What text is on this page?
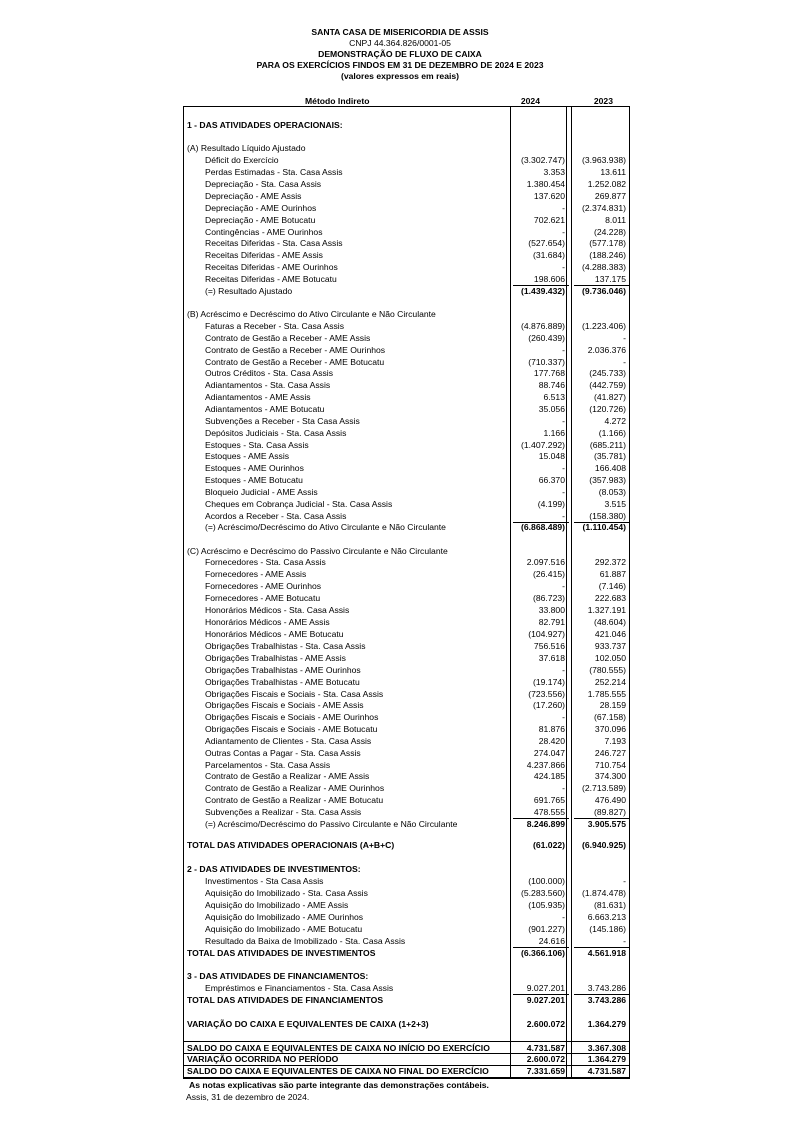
SANTA CASA DE MISERICORDIA DE ASSIS
CNPJ 44.364.826/0001-05
DEMONSTRAÇÃO DE FLUXO DE CAIXA
PARA OS EXERCÍCIOS FINDOS EM 31 DE DEZEMBRO DE 2024 E 2023
(valores expressos em reais)
Método Indireto	2024	2023
1 - DAS ATIVIDADES OPERACIONAIS:
(A) Resultado Líquido Ajustado
Déficit do Exercício	(3.302.747)	(3.963.938)
Perdas Estimadas - Sta. Casa Assis	3.353	13.611
Depreciação - Sta. Casa Assis	1.380.454	1.252.082
Depreciação - AME Assis	137.620	269.877
Depreciação - AME Ourinhos	-	(2.374.831)
Depreciação - AME Botucatu	702.621	8.011
Contingências - AME Ourinhos	-	(24.228)
Receitas Diferidas - Sta. Casa Assis	(527.654)	(577.178)
Receitas Diferidas - AME Assis	(31.684)	(188.246)
Receitas Diferidas - AME Ourinhos	-	(4.288.383)
Receitas Diferidas - AME Botucatu	198.606	137.175
(=) Resultado Ajustado	(1.439.432)	(9.736.046)
(B) Acréscimo e Decréscimo do Ativo Circulante e Não Circulante
Faturas a Receber - Sta. Casa Assis	(4.876.889)	(1.223.406)
Contrato de Gestão a Receber - AME Assis	(260.439)	-
Contrato de Gestão a Receber - AME Ourinhos	-	2.036.376
Contrato de Gestão a Receber - AME Botucatu	(710.337)	-
Outros Créditos - Sta. Casa Assis	177.768	(245.733)
Adiantamentos - Sta. Casa Assis	88.746	(442.759)
Adiantamentos - AME Assis	6.513	(41.827)
Adiantamentos - AME Botucatu	35.056	(120.726)
Subvenções a Receber - Sta Casa Assis	-	4.272
Depósitos Judiciais - Sta. Casa Assis	1.166	(1.166)
Estoques - Sta. Casa Assis	(1.407.292)	(685.211)
Estoques - AME Assis	15.048	(35.781)
Estoques - AME Ourinhos	-	166.408
Estoques - AME Botucatu	66.370	(357.983)
Bloqueio Judicial - AME Assis	-	(8.053)
Cheques em Cobrança Judicial - Sta. Casa Assis	(4.199)	3.515
Acordos a Receber - Sta. Casa Assis	-	(158.380)
(=) Acréscimo/Decréscimo do Ativo Circulante e Não Circulante	(6.868.489)	(1.110.454)
(C) Acréscimo e Decréscimo do Passivo Circulante e Não Circulante
Fornecedores - Sta. Casa Assis	2.097.516	292.372
Fornecedores - AME Assis	(26.415)	61.887
Fornecedores - AME Ourinhos	-	(7.146)
Fornecedores - AME Botucatu	(86.723)	222.683
Honorários Médicos - Sta. Casa Assis	33.800	1.327.191
Honorários Médicos - AME Assis	82.791	(48.604)
Honorários Médicos - AME Botucatu	(104.927)	421.046
Obrigações Trabalhistas - Sta. Casa Assis	756.516	933.737
Obrigações Trabalhistas - AME Assis	37.618	102.050
Obrigações Trabalhistas - AME Ourinhos	-	(780.555)
Obrigações Trabalhistas - AME Botucatu	(19.174)	252.214
Obrigações Fiscais e Sociais - Sta. Casa Assis	(723.556)	1.785.555
Obrigações Fiscais e Sociais - AME Assis	(17.260)	28.159
Obrigações Fiscais e Sociais - AME Ourinhos	-	(67.158)
Obrigações Fiscais e Sociais - AME Botucatu	81.876	370.096
Adiantamento de Clientes - Sta. Casa Assis	28.420	7.193
Outras Contas a Pagar - Sta. Casa Assis	274.047	246.727
Parcelamentos - Sta. Casa Assis	4.237.866	710.754
Contrato de Gestão a Realizar - AME Assis	424.185	374.300
Contrato de Gestão a Realizar - AME Ourinhos	-	(2.713.589)
Contrato de Gestão a Realizar - AME Botucatu	691.765	476.490
Subvenções a Realizar - Sta. Casa Assis	478.555	(89.827)
(=) Acréscimo/Decréscimo do Passivo Circulante e Não Circulante	8.246.899	3.905.575
TOTAL DAS ATIVIDADES OPERACIONAIS (A+B+C)	(61.022)	(6.940.925)
2 - DAS ATIVIDADES DE INVESTIMENTOS:
Investimentos - Sta Casa Assis	(100.000)	-
Aquisição do Imobilizado - Sta. Casa Assis	(5.283.560)	(1.874.478)
Aquisição do Imobilizado - AME Assis	(105.935)	(81.631)
Aquisição do Imobilizado - AME Ourinhos	-	6.663.213
Aquisição do Imobilizado - AME Botucatu	(901.227)	(145.186)
Resultado da Baixa de Imobilizado - Sta. Casa Assis	24.616	-
TOTAL DAS ATIVIDADES DE INVESTIMENTOS	(6.366.106)	4.561.918
3 - DAS ATIVIDADES DE FINANCIAMENTOS:
Empréstimos e Financiamentos - Sta. Casa Assis	9.027.201	3.743.286
TOTAL DAS ATIVIDADES DE FINANCIAMENTOS	9.027.201	3.743.286
VARIAÇÃO DO CAIXA E EQUIVALENTES DE CAIXA (1+2+3)	2.600.072	1.364.279
SALDO DO CAIXA E EQUIVALENTES DE CAIXA NO INÍCIO DO EXERCÍCIO	4.731.587	3.367.308
VARIAÇÃO OCORRIDA NO PERÍODO	2.600.072	1.364.279
SALDO DO CAIXA E EQUIVALENTES DE CAIXA NO FINAL DO EXERCÍCIO	7.331.659	4.731.587
As notas explicativas são parte integrante das demonstrações contábeis.
Assis, 31 de dezembro de 2024.
